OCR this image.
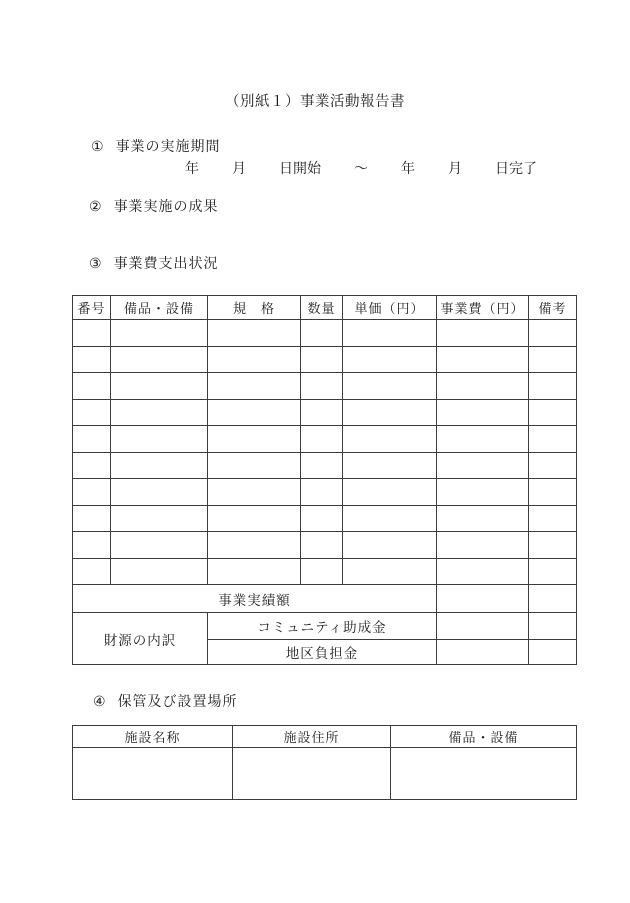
（別紙１）事業活動報告書
① 事業の実施期間
年 月 日開始 ～ 年 月 日完了
② 事業実施の成果
③ 事業費支出状況
番号	備品・設備	規　格	数量	単価（円）	事業費（円）	備考

事業実績額						
財源の内訳		コミュニティ助成金				
		地区負担金				
④ 保管及び設置場所
施設名称	施設住所	備品・設備
